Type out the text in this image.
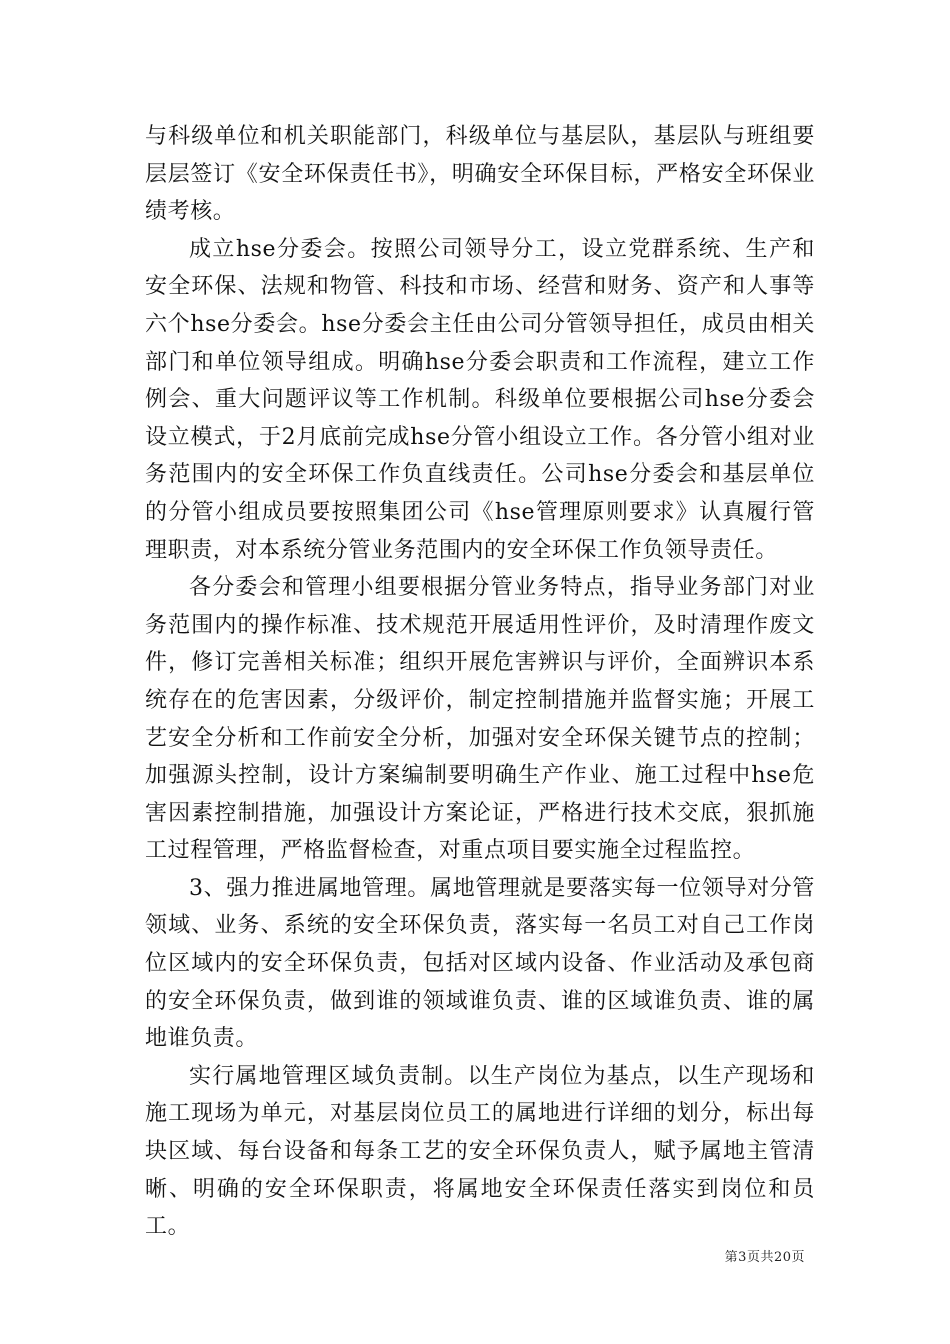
与科级单位和机关职能部门，科级单位与基层队，基层队与班组要层层签订《安全环保责任书》，明确安全环保目标，严格安全环保业绩考核。

成立hse分委会。按照公司领导分工，设立党群系统、生产和安全环保、法规和物管、科技和市场、经营和财务、资产和人事等六个hse分委会。hse分委会主任由公司分管领导担任，成员由相关部门和单位领导组成。明确hse分委会职责和工作流程，建立工作例会、重大问题评议等工作机制。科级单位要根据公司hse分委会设立模式，于2月底前完成hse分管小组设立工作。各分管小组对业务范围内的安全环保工作负直线责任。公司hse分委会和基层单位的分管小组成员要按照集团公司《hse管理原则要求》认真履行管理职责，对本系统分管业务范围内的安全环保工作负领导责任。

各分委会和管理小组要根据分管业务特点，指导业务部门对业务范围内的操作标准、技术规范开展适用性评价，及时清理作废文件，修订完善相关标准；组织开展危害辨识与评价，全面辨识本系统存在的危害因素，分级评价，制定控制措施并监督实施；开展工艺安全分析和工作前安全分析，加强对安全环保关键节点的控制；加强源头控制，设计方案编制要明确生产作业、施工过程中hse危害因素控制措施，加强设计方案论证，严格进行技术交底，狠抓施工过程管理，严格监督检查，对重点项目要实施全过程监控。

3、强力推进属地管理。属地管理就是要落实每一位领导对分管领域、业务、系统的安全环保负责，落实每一名员工对自己工作岗位区域内的安全环保负责，包括对区域内设备、作业活动及承包商的安全环保负责，做到谁的领域谁负责、谁的区域谁负责、谁的属地谁负责。

实行属地管理区域负责制。以生产岗位为基点，以生产现场和施工现场为单元，对基层岗位员工的属地进行详细的划分，标出每块区域、每台设备和每条工艺的安全环保负责人，赋予属地主管清晰、明确的安全环保职责，将属地安全环保责任落实到岗位和员工。

第3页共20页
